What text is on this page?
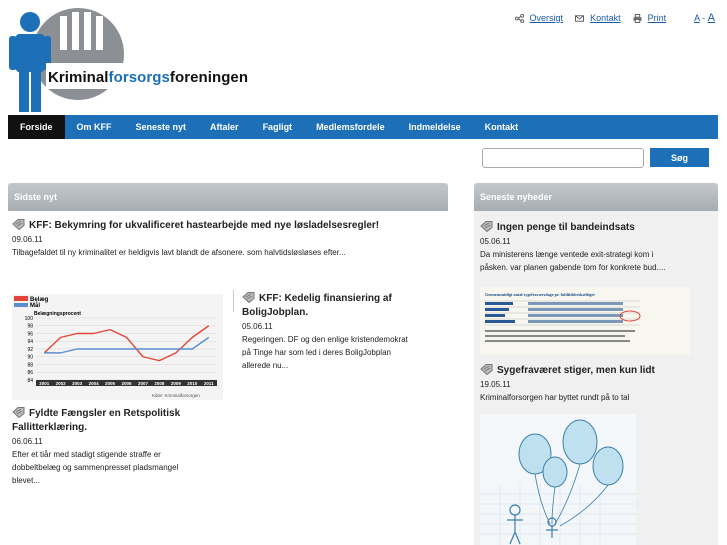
Kriminalforsorgsforeningen
Oversigt	Kontakt	Print	A - A
Forside	Om KFF	Seneste nyt	Aftaler	Fagligt	Medlemsfordele	Indmeldelse	Kontakt
Søg
Sidste nyt	Seneste nyheder
KFF: Bekymring for ukvalificeret hastearbejde med nye løsladelsesregler!
09.06.11
Tilbagefaldet til ny kriminalitet er heldigvis lavt blandt de afsonere. som halvtidsløsløses efter...
Belæg
Mål
Belægningsprocent
100
98
96
94
92
90
88
86
84 2001 2002 2003 2004 2005 2006 2007 2008 2009 2010 2011
Kilde: Kriminalforsorgen
KFF: Kedelig finansiering af
BoligJobplan.
05.06.11
Regeringen. DF og den enlige kristendemokrat
på Tinge har som led i deres BoligJobplan
allerede nu...
Fyldte Fængsler en Retspolitisk
Fallitterklæring.
06.06.11
Efter et tiår med stadigt stigende straffe er
dobbeltbelæg og sammenpresset pladsmangel
blevet...
Ingen penge til bandeindsats
05.06.11
Da ministerens længe ventede exit-strategi kom i
påsken. var planen gabende tom for konkrete bud....
Gennemsnitligt antal sygefraværsdage pr. fuldtidsbeskæftiget
Sygefraværet stiger, men kun lidt
19.05.11
Kriminalforsorgen har byttet rundt på to tal
